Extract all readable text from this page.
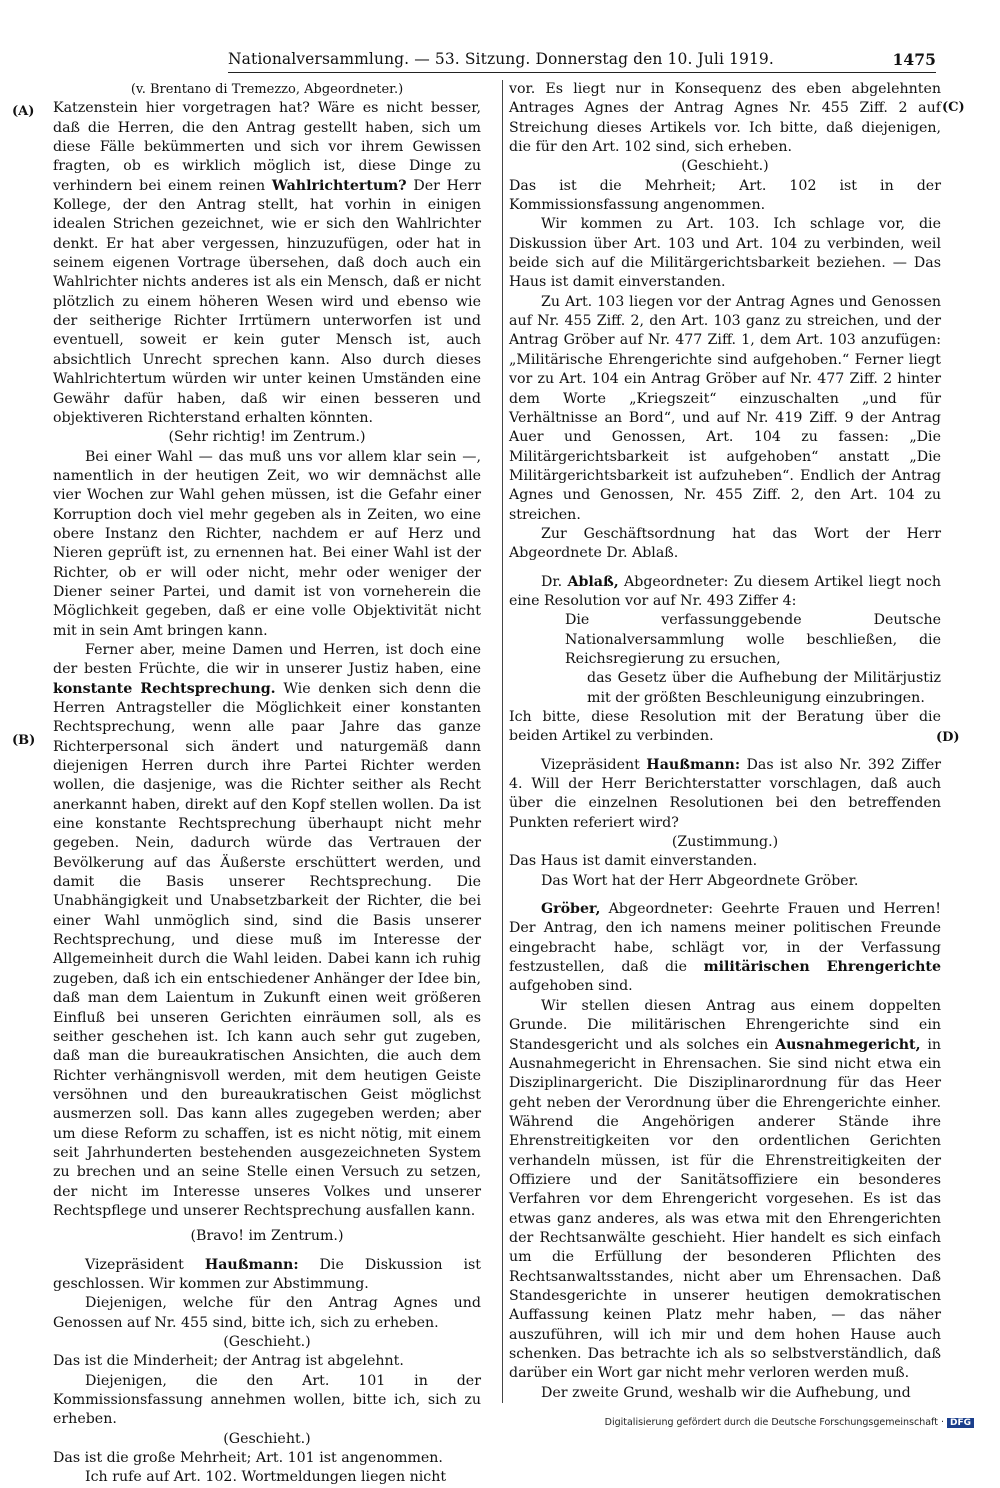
Nationalversammlung. — 53. Sitzung. Donnerstag den 10. Juli 1919.	1475
(A)
(B)
(C)
(D)

(v. Brentano di Tremezzo, Abgeordneter.)

Katzenstein hier vorgetragen hat? Wäre es nicht besser, daß die Herren, die den Antrag gestellt haben, sich um diese Fälle bekümmerten und sich vor ihrem Gewissen fragten, ob es wirklich möglich ist, diese Dinge zu verhindern bei einem reinen Wahlrichtertum? Der Herr Kollege, der den Antrag stellt, hat vorhin in einigen idealen Strichen gezeichnet, wie er sich den Wahlrichter denkt. Er hat aber vergessen, hinzuzufügen, oder hat in seinem eigenen Vortrage übersehen, daß doch auch ein Wahlrichter nichts anderes ist als ein Mensch, daß er nicht plötzlich zu einem höheren Wesen wird und ebenso wie der seitherige Richter Irrtümern unterworfen ist und eventuell, soweit er kein guter Mensch ist, auch absichtlich Unrecht sprechen kann. Also durch dieses Wahlrichtertum würden wir unter keinen Umständen eine Gewähr dafür haben, daß wir einen besseren und objektiveren Richterstand erhalten könnten.

(Sehr richtig! im Zentrum.)

Bei einer Wahl — das muß uns vor allem klar sein —, namentlich in der heutigen Zeit, wo wir demnächst alle vier Wochen zur Wahl gehen müssen, ist die Gefahr einer Korruption doch viel mehr gegeben als in Zeiten, wo eine obere Instanz den Richter, nachdem er auf Herz und Nieren geprüft ist, zu ernennen hat. Bei einer Wahl ist der Richter, ob er will oder nicht, mehr oder weniger der Diener seiner Partei, und damit ist von vorneherein die Möglichkeit gegeben, daß er eine volle Objektivität nicht mit in sein Amt bringen kann.

Ferner aber, meine Damen und Herren, ist doch eine der besten Früchte, die wir in unserer Justiz haben, eine konstante Rechtsprechung. Wie denken sich denn die Herren Antragsteller die Möglichkeit einer konstanten Rechtsprechung, wenn alle paar Jahre das ganze Richterpersonal sich ändert und naturgemäß dann diejenigen Herren durch ihre Partei Richter werden wollen, die dasjenige, was die Richter seither als Recht anerkannt haben, direkt auf den Kopf stellen wollen. Da ist eine konstante Rechtsprechung überhaupt nicht mehr gegeben. Nein, dadurch würde das Vertrauen der Bevölkerung auf das Äußerste erschüttert werden, und damit die Basis unserer Rechtsprechung. Die Unabhängigkeit und Unabsetzbarkeit der Richter, die bei einer Wahl unmöglich sind, sind die Basis unserer Rechtsprechung, und diese muß im Interesse der Allgemeinheit durch die Wahl leiden. Dabei kann ich ruhig zugeben, daß ich ein entschiedener Anhänger der Idee bin, daß man dem Laientum in Zukunft einen weit größeren Einfluß bei unseren Gerichten einräumen soll, als es seither geschehen ist. Ich kann auch sehr gut zugeben, daß man die bureaukratischen Ansichten, die auch dem Richter verhängnisvoll werden, mit dem heutigen Geiste versöhnen und den bureaukratischen Geist möglichst ausmerzen soll. Das kann alles zugegeben werden; aber um diese Reform zu schaffen, ist es nicht nötig, mit einem seit Jahrhunderten bestehenden ausgezeichneten System zu brechen und an seine Stelle einen Versuch zu setzen, der nicht im Interesse unseres Volkes und unserer Rechtspflege und unserer Rechtsprechung ausfallen kann.

(Bravo! im Zentrum.)

Vizepräsident Haußmann: Die Diskussion ist geschlossen. Wir kommen zur Abstimmung.

Diejenigen, welche für den Antrag Agnes und Genossen auf Nr. 455 sind, bitte ich, sich zu erheben.

(Geschieht.)

Das ist die Minderheit; der Antrag ist abgelehnt.

Diejenigen, die den Art. 101 in der Kommissionsfassung annehmen wollen, bitte ich, sich zu erheben.

(Geschieht.)

Das ist die große Mehrheit; Art. 101 ist angenommen.

Ich rufe auf Art. 102. Wortmeldungen liegen nicht

vor. Es liegt nur in Konsequenz des eben abgelehnten Antrages Agnes der Antrag Agnes Nr. 455 Ziff. 2 auf Streichung dieses Artikels vor. Ich bitte, daß diejenigen, die für den Art. 102 sind, sich erheben.

(Geschieht.)

Das ist die Mehrheit; Art. 102 ist in der Kommissionsfassung angenommen.

Wir kommen zu Art. 103. Ich schlage vor, die Diskussion über Art. 103 und Art. 104 zu verbinden, weil beide sich auf die Militärgerichtsbarkeit beziehen. — Das Haus ist damit einverstanden.

Zu Art. 103 liegen vor der Antrag Agnes und Genossen auf Nr. 455 Ziff. 2, den Art. 103 ganz zu streichen, und der Antrag Gröber auf Nr. 477 Ziff. 1, dem Art. 103 anzufügen: „Militärische Ehrengerichte sind aufgehoben.“ Ferner liegt vor zu Art. 104 ein Antrag Gröber auf Nr. 477 Ziff. 2 hinter dem Worte „Kriegszeit“ einzuschalten „und für Verhältnisse an Bord“, und auf Nr. 419 Ziff. 9 der Antrag Auer und Genossen, Art. 104 zu fassen: „Die Militärgerichtsbarkeit ist aufgehoben“ anstatt „Die Militärgerichtsbarkeit ist aufzuheben“. Endlich der Antrag Agnes und Genossen, Nr. 455 Ziff. 2, den Art. 104 zu streichen.

Zur Geschäftsordnung hat das Wort der Herr Abgeordnete Dr. Ablaß.

Dr. Ablaß, Abgeordneter: Zu diesem Artikel liegt noch eine Resolution vor auf Nr. 493 Ziffer 4:

Die verfassunggebende Deutsche Nationalversammlung wolle beschließen, die Reichsregierung zu ersuchen,

das Gesetz über die Aufhebung der Militärjustiz mit der größten Beschleunigung einzubringen.

Ich bitte, diese Resolution mit der Beratung über die beiden Artikel zu verbinden.

Vizepräsident Haußmann: Das ist also Nr. 392 Ziffer 4. Will der Herr Berichterstatter vorschlagen, daß auch über die einzelnen Resolutionen bei den betreffenden Punkten referiert wird?

(Zustimmung.)

Das Haus ist damit einverstanden.

Das Wort hat der Herr Abgeordnete Gröber.

Gröber, Abgeordneter: Geehrte Frauen und Herren! Der Antrag, den ich namens meiner politischen Freunde eingebracht habe, schlägt vor, in der Verfassung festzustellen, daß die militärischen Ehrengerichte aufgehoben sind.

Wir stellen diesen Antrag aus einem doppelten Grunde. Die militärischen Ehrengerichte sind ein Standesgericht und als solches ein Ausnahmegericht, in Ausnahmegericht in Ehrensachen. Sie sind nicht etwa ein Disziplinargericht. Die Disziplinarordnung für das Heer geht neben der Verordnung über die Ehrengerichte einher. Während die Angehörigen anderer Stände ihre Ehrenstreitigkeiten vor den ordentlichen Gerichten verhandeln müssen, ist für die Ehrenstreitigkeiten der Offiziere und der Sanitätsoffiziere ein besonderes Verfahren vor dem Ehrengericht vorgesehen. Es ist das etwas ganz anderes, als was etwa mit den Ehrengerichten der Rechtsanwälte geschieht. Hier handelt es sich einfach um die Erfüllung der besonderen Pflichten des Rechtsanwaltsstandes, nicht aber um Ehrensachen. Daß Standesgerichte in unserer heutigen demokratischen Auffassung keinen Platz mehr haben, — das näher auszuführen, will ich mir und dem hohen Hause auch schenken. Das betrachte ich als so selbstverständlich, daß darüber ein Wort gar nicht mehr verloren werden muß.

Der zweite Grund, weshalb wir die Aufhebung, und

Digitalisierung gefördert durch die Deutsche Forschungsgemeinschaft · DFG
